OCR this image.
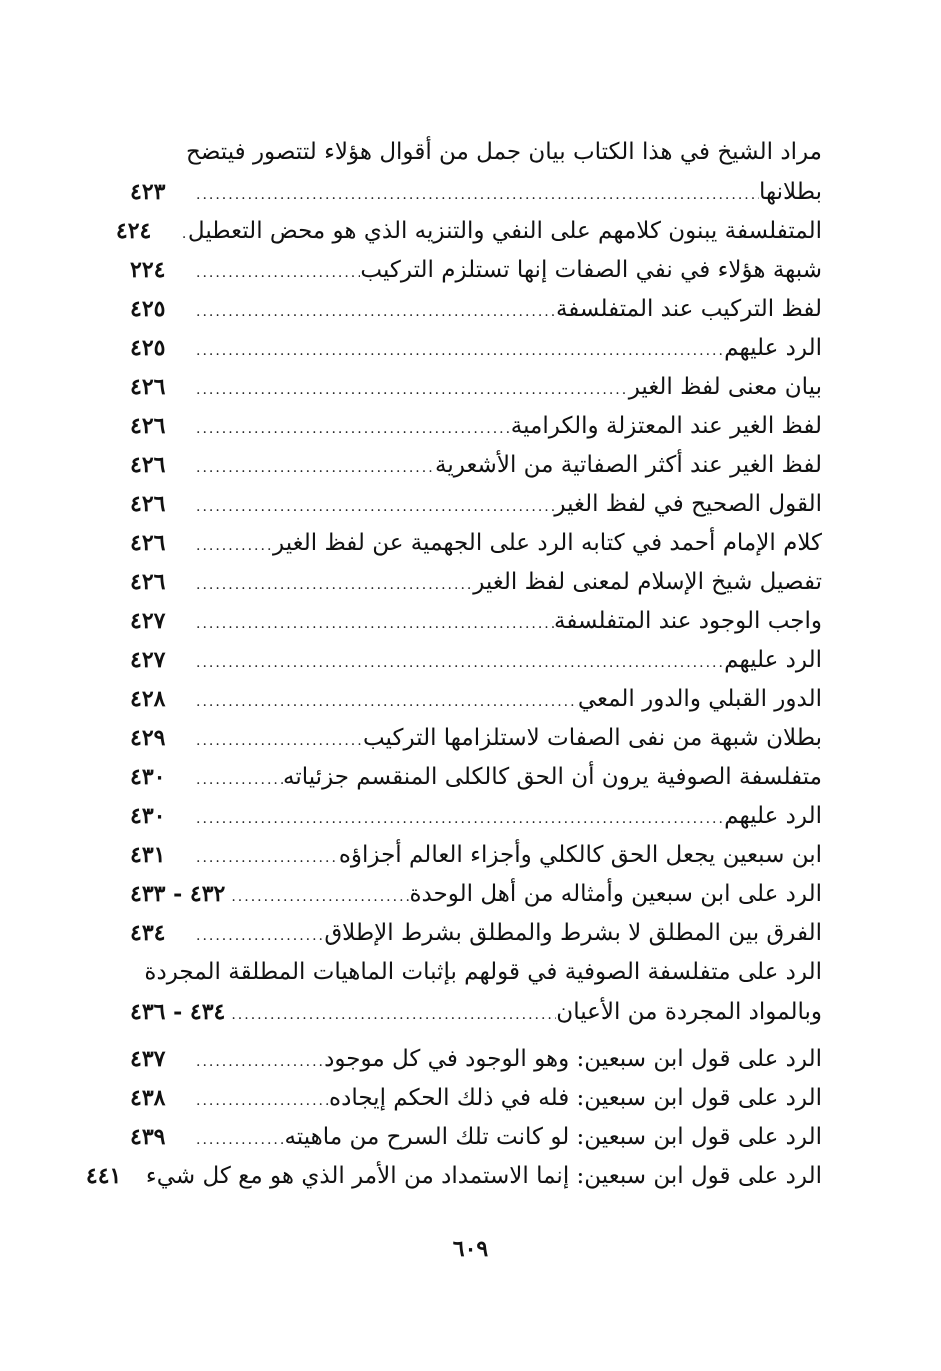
مراد الشيخ في هذا الكتاب بيان جمل من أقوال هؤلاء لتتصور فيتضح
بطلانها
.....
٤٢٣
المتفلسفة يبنون كلامهم على النفي والتنزيه الذي هو محض التعطيل
.....
٤٢٤
شبهة هؤلاء في نفي الصفات إنها تستلزم التركيب
.....
٢٢٤
لفظ التركيب عند المتفلسفة
.....
٤٢٥
الرد عليهم
.....
٤٢٥
بيان معنى لفظ الغير
.....
٤٢٦
لفظ الغير عند المعتزلة والكرامية
.....
٤٢٦
لفظ الغير عند أكثر الصفاتية من الأشعرية
.....
٤٢٦
القول الصحيح في لفظ الغير
.....
٤٢٦
كلام الإمام أحمد في كتابه الرد على الجهمية عن لفظ الغير
.....
٤٢٦
تفصيل شيخ الإسلام لمعنى لفظ الغير
.....
٤٢٦
واجب الوجود عند المتفلسفة
.....
٤٢٧
الرد عليهم
.....
٤٢٧
الدور القبلي والدور المعي
.....
٤٢٨
بطلان شبهة من نفى الصفات لاستلزامها التركيب
.....
٤٢٩
متفلسفة الصوفية يرون أن الحق كالكلى المنقسم جزئياته
.....
٤٣٠
الرد عليهم
.....
٤٣٠
ابن سبعين يجعل الحق كالكلي وأجزاء العالم أجزاؤه
.....
٤٣١
الرد على ابن سبعين وأمثاله من أهل الوحدة
.....
٤٣٢ - ٤٣٣
الفرق بين المطلق لا بشرط والمطلق بشرط الإطلاق
.....
٤٣٤
الرد على متفلسفة الصوفية في قولهم بإثبات الماهيات المطلقة المجردة
وبالمواد المجردة من الأعيان
.....
٤٣٤ - ٤٣٦
الرد على قول ابن سبعين: وهو الوجود في كل موجود
.....
٤٣٧
الرد على قول ابن سبعين: فله في ذلك الحكم إيجاده
.....
٤٣٨
الرد على قول ابن سبعين: لو كانت تلك السرح من ماهيته
.....
٤٣٩
الرد على قول ابن سبعين: إنما الاستمداد من الأمر الذي هو مع كل شيء
٤٤١
٦٠٩
